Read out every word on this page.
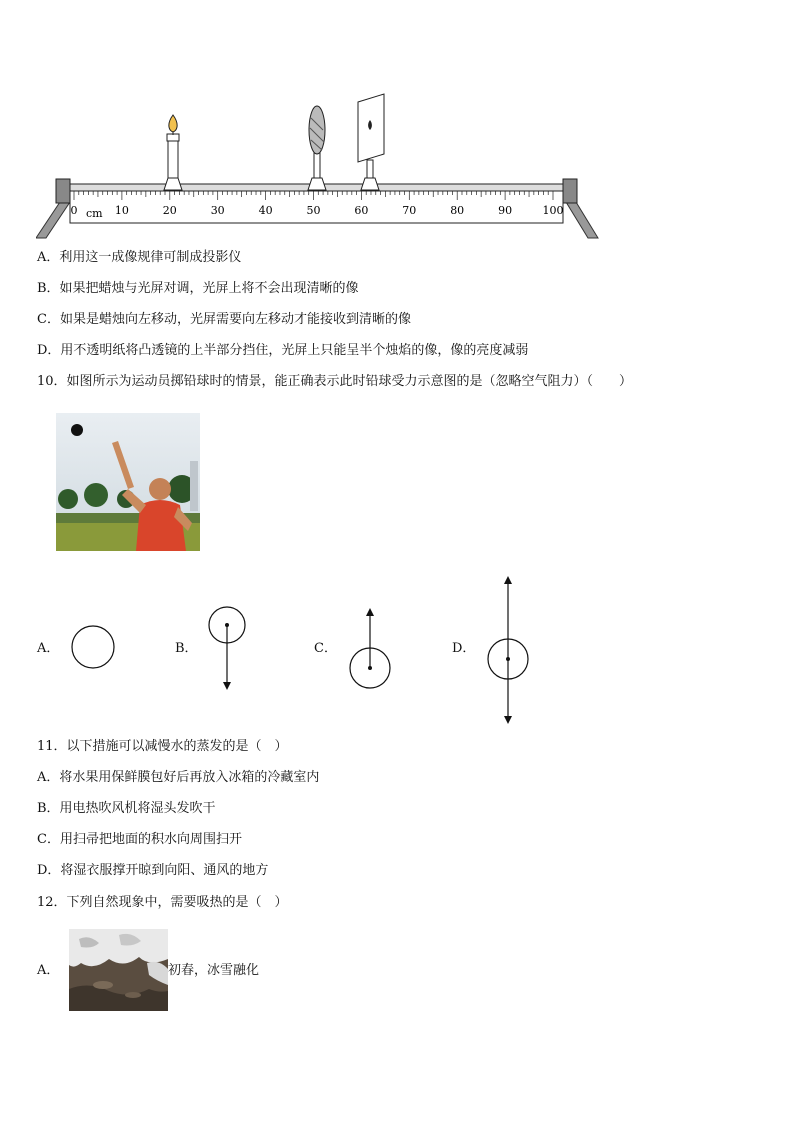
0	10	20	30	40	50	60	70	80	90	100
cm
A．利用这一成像规律可制成投影仪
B．如果把蜡烛与光屏对调，光屏上将不会出现清晰的像
C．如果是蜡烛向左移动，光屏需要向左移动才能接收到清晰的像
D．用不透明纸将凸透镜的上半部分挡住，光屏上只能呈半个烛焰的像，像的亮度减弱
10．如图所示为运动员掷铅球时的情景，能正确表示此时铅球受力示意图的是（忽略空气阻力）（　　）
A．	B．	C．	D．
11．以下措施可以减慢水的蒸发的是（　）
A．将水果用保鲜膜包好后再放入冰箱的冷藏室内
B．用电热吹风机将湿头发吹干
C．用扫帚把地面的积水向周围扫开
D．将湿衣服撑开晾到向阳、通风的地方
12．下列自然现象中，需要吸热的是（　）
A．	初春，冰雪融化
